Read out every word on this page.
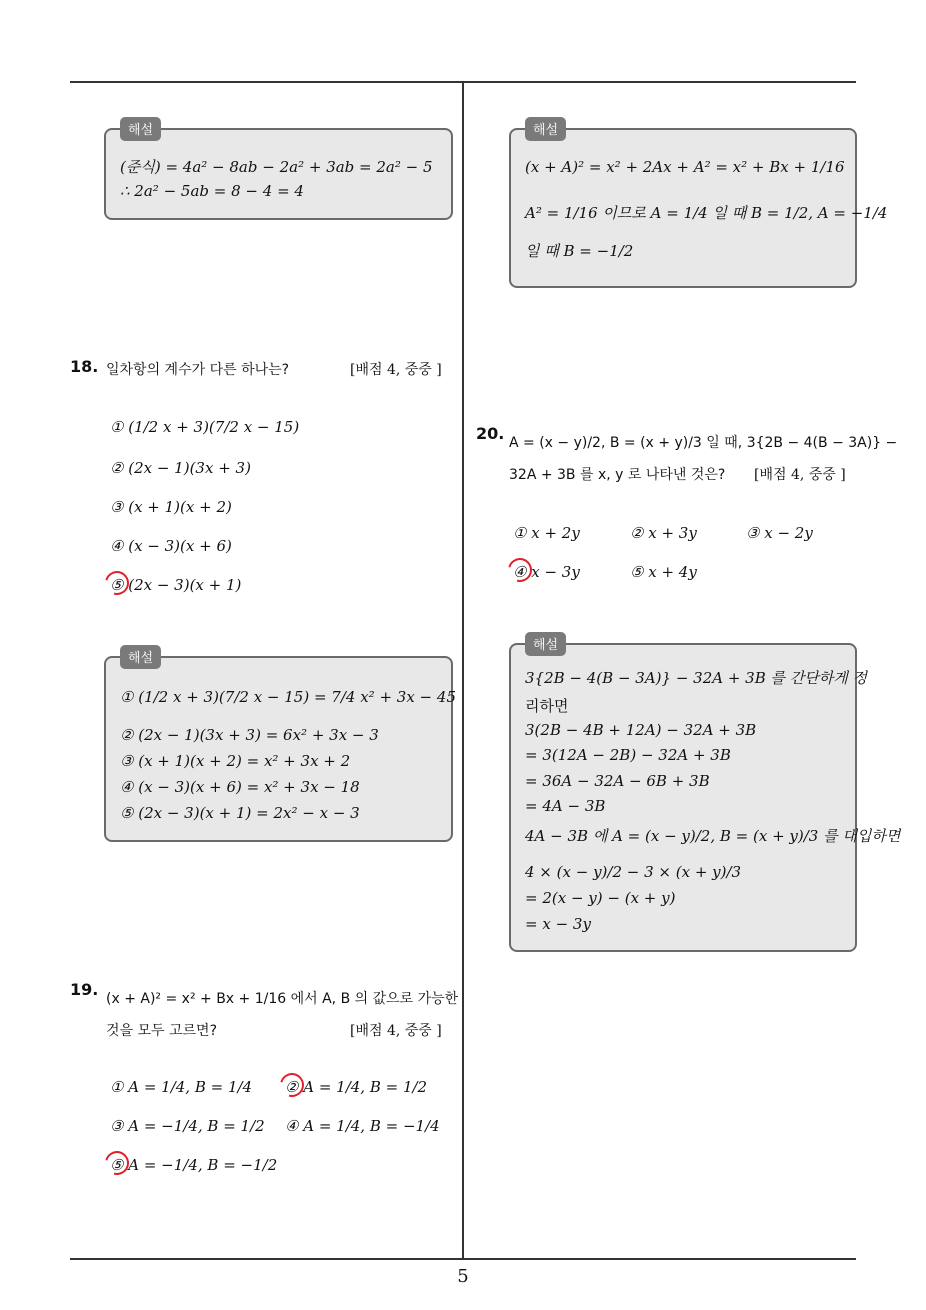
해설
(준식) = 4a² − 8ab − 2a² + 3ab = 2a² − 5
∴ 2a² − 5ab = 8 − 4 = 4
18. 일차항의 계수가 다른 하나는?	[배점 4, 중중 ]
① (1/2 x + 3)(7/2 x − 15)
② (2x − 1)(3x + 3)
③ (x + 1)(x + 2)
④ (x − 3)(x + 6)
⑤ (2x − 3)(x + 1)
해설
① (1/2 x + 3)(7/2 x − 15) = 7/4 x² + 3x − 45
② (2x − 1)(3x + 3) = 6x² + 3x − 3
③ (x + 1)(x + 2) = x² + 3x + 2
④ (x − 3)(x + 6) = x² + 3x − 18
⑤ (2x − 3)(x + 1) = 2x² − x − 3
19. (x + A)² = x² + Bx + 1/16 에서 A, B 의 값으로 가능한
것을 모두 고르면?	[배점 4, 중중 ]
① A = 1/4, B = 1/4 ② A = 1/4, B = 1/2
③ A = −1/4, B = 1/2 ④ A = 1/4, B = −1/4
⑤ A = −1/4, B = −1/2
해설
(x + A)² = x² + 2Ax + A² = x² + Bx + 1/16
A² = 1/16 이므로 A = 1/4 일 때 B = 1/2, A = −1/4
일 때 B = −1/2
20. A = (x − y)/2, B = (x + y)/3 일 때, 3{2B − 4(B − 3A)} −
32A + 3B 를 x, y 로 나타낸 것은? [배점 4, 중중 ]
① x + 2y	② x + 3y	③ x − 2y
④ x − 3y	⑤ x + 4y
해설
3{2B − 4(B − 3A)} − 32A + 3B 를 간단하게 정
리하면
3(2B − 4B + 12A) − 32A + 3B
= 3(12A − 2B) − 32A + 3B
= 36A − 32A − 6B + 3B
= 4A − 3B
4A − 3B 에 A = (x − y)/2, B = (x + y)/3 를 대입하면
4 × (x − y)/2 − 3 × (x + y)/3
= 2(x − y) − (x + y)
= x − 3y
5
